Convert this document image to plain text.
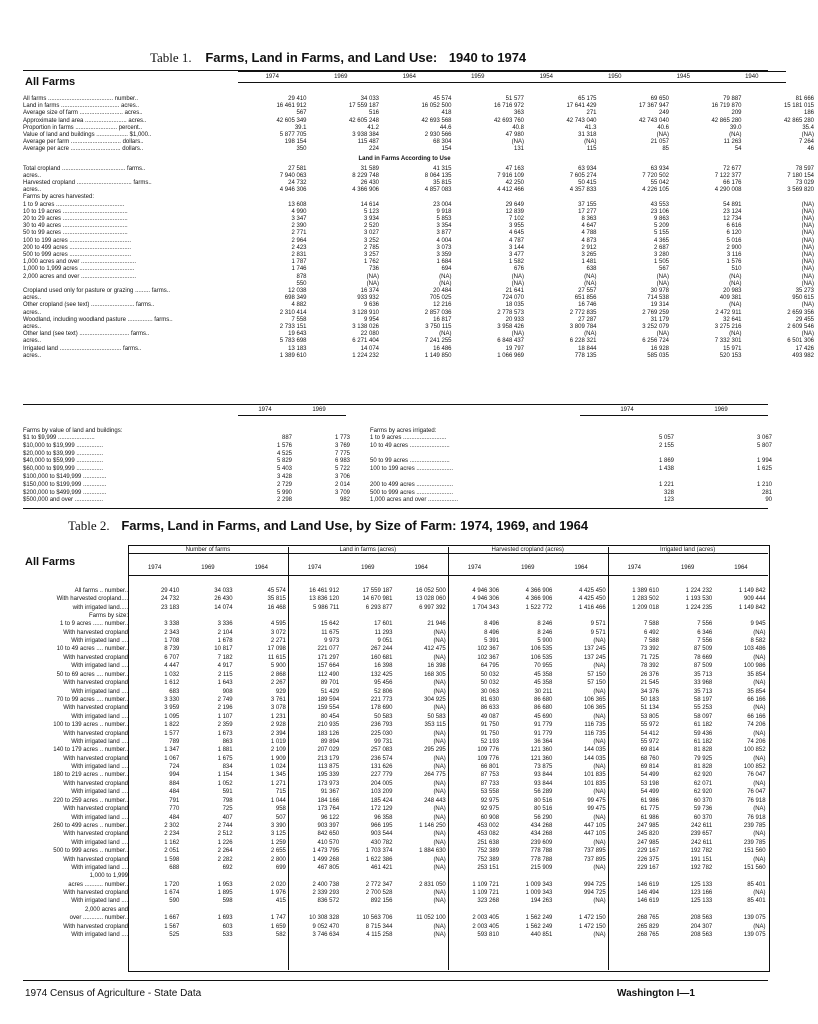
Table 1. Farms, Land in Farms, and Land Use: 1940 to 1974
All Farms	1974	1969	1964	1959	1954	1950	1945	1940
All farms ....................................... number..	29 410	34 033	45 574	51 577	65 175	69 650	79 887	81 666
Land in farms ................................... acres..	16 461 912	17 559 187	16 052 500	16 716 972	17 641 429	17 367 947	16 719 870	15 181 015
Average size of farm .......................... acres..	567	516	418	363	271	249	209	186
Approximate land area ......................... acres..	42 605 349	42 605 248	42 693 568	42 693 760	42 743 040	42 743 040	42 865 280	42 865 280
Proportion in farms ......................... percent..	39.1	41.2	44.6	40.8	41.3	40.6	39.0	35.4
Value of land and buildings ................... $1,000..	5 877 705	3 938 384	2 930 566	47 980	31 318	(NA)	(NA)	(NA)
Average per farm .............................. dollars..	198 154	115 487	68 304	(NA)	(NA)	21 057	11 263	7 264
Average per acre .............................. dollars..	350	224	154	131	115	85	54	46
Land in Farms According to Use
Total cropland ...................................... farms..	27 581	31 589	41 315	47 163	63 934	63 934	72 677	78 597
acres..	7 940 063	8 229 748	8 064 135	7 916 109	7 605 274	7 720 502	7 122 377	7 180 154
Harvested cropland ................................. farms..	24 732	26 430	35 815	42 250	50 415	55 042	66 176	73 029
acres..	4 946 306	4 366 906	4 857 083	4 412 466	4 357 833	4 226 105	4 290 008	3 569 820
Farms by acres harvested:
1 to 9 acres .........................................	13 608	14 614	23 004	29 649	37 155	43 553	54 891	(NA)
10 to 19 acres .......................................	4 990	5 123	9 918	12 839	17 277	23 106	23 124	(NA)
20 to 29 acres .......................................	3 347	3 934	5 853	7 102	8 363	9 863	12 734	(NA)
30 to 49 acres .......................................	2 390	2 520	3 354	3 955	4 647	5 209	6 616	(NA)
50 to 99 acres .......................................	2 771	3 027	3 877	4 645	4 788	5 155	6 120	(NA)
100 to 199 acres .....................................	2 964	3 252	4 004	4 787	4 873	4 365	5 016	(NA)
200 to 499 acres .....................................	2 423	2 785	3 073	3 144	2 912	2 687	2 900	(NA)
500 to 999 acres .....................................	2 831	3 257	3 359	3 477	3 265	3 280	3 116	(NA)
1,000 acres and over .................................	1 787	1 762	1 684	1 582	1 481	1 505	1 576	(NA)
1,000 to 1,999 acres .................................	1 746	736	694	676	638	567	510	(NA)
2,000 acres and over .................................	878	(NA)	(NA)	(NA)	(NA)	(NA)	(NA)	(NA)
550	(NA)	(NA)	(NA)	(NA)	(NA)	(NA)	(NA)
Cropland used only for pasture or grazing ......... farms..	12 038	16 374	20 484	21 641	27 557	30 978	20 983	35 273
acres..	698 349	933 932	705 025	724 070	651 856	714 538	409 381	950 615
Other cropland (see text) .......................... farms..	4 882	9 636	12 216	18 035	16 746	19 314	(NA)	(NA)
acres..	2 310 414	3 128 910	2 857 036	2 778 573	2 772 835	2 769 259	2 472 911	2 659 356
Woodland, including woodland pasture ............... farms..	7 558	9 954	16 817	20 933	27 287	31 179	32 641	29 455
acres..	2 733 151	3 138 026	3 750 115	3 958 426	3 809 784	3 252 079	3 275 216	2 609 546
Other land (see text) .............................. farms..	19 643	22 080	(NA)	(NA)	(NA)	(NA)	(NA)	(NA)
acres..	5 783 698	6 271 404	7 241 255	6 848 437	6 228 321	6 256 724	7 332 301	6 501 306
Irrigated land ..................................... farms..	13 183	14 074	16 486	19 797	18 844	16 928	15 971	17 426
acres..	1 389 610	1 224 232	1 149 850	1 066 969	778 135	585 035	520 153	493 982
1974	1969
Farms by value of land and buildings:
$1 to $9,999 ......................	887	1 773
$10,000 to $19,999 ................	1 576	3 769
$20,000 to $39,999 ................	4 525	7 775
$40,000 to $59,999 ................	5 829	6 983
$60,000 to $99,999 ................	5 403	5 722
$100,000 to $149,999 ..............	3 428	3 706
$150,000 to $199,999 ..............	2 729	2 014
$200,000 to $499,999 ..............	5 990	3 709
$500,000 and over .................	2 298	982
1974	1969
Farms by acres irrigated:
1 to 9 acres ..........................	5 057	3 067
10 to 49 acres ........................	2 155	5 807
50 to 99 acres ........................	1 869	1 994
100 to 199 acres ......................	1 438	1 625
200 to 499 acres ......................	1 221	1 210
500 to 999 acres ......................	328	281
1,000 acres and over ..................	123	90
Table 2. Farms, Land in Farms, and Land Use, by Size of Farm: 1974, 1969, and 1964
All Farms
Number of farms
1974	1969	1964
Land in farms (acres)
1974	1969	1964
Harvested cropland (acres)
1974	1969	1964
Irrigated land (acres)
1974	1969	1964
All farms .. number..	29 410	34 033	45 574	16 461 912	17 559 187	16 052 500	4 946 306	4 366 906	4 425 450	1 389 610	1 224 232	1 149 842
With harvested cropland....	24 732	26 430	35 815	13 836 120	14 670 981	13 028 060	4 946 306	4 366 906	4 425 450	1 283 502	1 193 530	909 444
with irrigated land.....	23 183	14 074	16 468	5 986 711	6 293 877	6 997 392	1 704 343	1 522 772	1 416 466	1 209 018	1 224 235	1 149 842
Farms by size:
1 to 9 acres ...... number..	3 338	3 336	4 595	15 642	17 601	21 946	8 496	8 246	9 571	7 588	7 556	9 945
With harvested cropland	2 343	2 104	3 072	11 675	11 293	(NA)	8 496	8 246	9 571	6 492	6 346	(NA)
With irrigated land ....	1 708	1 678	2 271	9 973	9 051	(NA)	5 391	5 900	(NA)	7 588	7 556	8 582
10 to 49 acres .... number..	8 739	10 817	17 098	221 077	267 244	412 475	102 367	106 535	137 245	73 392	87 509	103 486
With harvested cropland	6 707	7 182	11 615	171 297	160 681	(NA)	102 367	106 535	137 245	71 725	78 669	(NA)
With irrigated land ....	4 447	4 917	5 900	157 664	16 398	16 398	64 795	70 955	(NA)	78 392	87 509	100 986
50 to 69 acres .... number..	1 032	2 115	2 868	112 490	132 425	168 305	50 032	45 358	57 150	26 376	35 713	35 854
With harvested cropland	1 612	1 643	2 267	89 701	95 456	(NA)	50 032	45 358	57 150	21 545	33 968	(NA)
With irrigated land ....	683	908	929	51 429	52 806	(NA)	30 063	30 211	(NA)	34 376	35 713	35 854
70 to 99 acres .... number..	3 330	2 749	3 761	189 594	221 773	304 925	81 630	86 680	106 365	50 183	58 197	66 166
With harvested cropland	3 959	2 196	3 078	159 554	178 690	(NA)	86 633	86 680	106 365	51 134	55 253	(NA)
With irrigated land ....	1 095	1 107	1 231	80 454	50 583	50 583	49 087	45 690	(NA)	53 805	58 097	66 166
100 to 139 acres .. number..	1 822	2 359	2 928	210 935	236 793	353 115	91 750	91 779	116 735	55 972	61 182	74 206
With harvested cropland	1 577	1 673	2 394	183 126	225 030	(NA)	91 750	91 779	116 735	54 412	59 436	(NA)
With irrigated land ....	789	863	1 019	89 894	99 731	(NA)	52 193	36 364	(NA)	55 972	61 182	74 206
140 to 179 acres .. number..	1 347	1 881	2 109	207 029	257 083	295 295	109 776	121 360	144 035	69 814	81 828	100 852
With harvested cropland	1 067	1 675	1 909	213 179	236 574	(NA)	109 776	121 360	144 035	68 760	79 925	(NA)
With irrigated land ....	724	834	1 024	113 875	131 626	(NA)	66 801	73 875	(NA)	69 814	81 828	100 852
180 to 219 acres .. number..	994	1 154	1 345	195 339	227 779	264 775	87 753	93 844	101 835	54 499	62 920	76 047
With harvested cropland	884	1 052	1 271	173 973	204 005	(NA)	87 733	93 844	101 835	53 198	62 071	(NA)
With irrigated land ....	484	591	715	91 367	103 209	(NA)	53 558	56 289	(NA)	54 499	62 920	76 047
220 to 259 acres .. number..	791	798	1 044	184 166	185 424	248 443	92 975	80 516	99 475	61 986	60 370	76 918
With harvested cropland	770	725	958	173 764	172 129	(NA)	92 975	80 516	99 475	61 775	59 736	(NA)
With irrigated land ....	484	407	507	96 122	96 358	(NA)	60 908	56 290	(NA)	61 986	60 370	76 918
260 to 499 acres .. number..	2 302	2 744	3 390	903 397	966 195	1 146 250	453 002	434 268	447 105	247 985	242 611	239 785
With harvested cropland	2 234	2 512	3 125	842 650	903 544	(NA)	453 082	434 268	447 105	245 820	239 657	(NA)
With irrigated land ....	1 162	1 226	1 259	410 570	430 782	(NA)	251 638	239 609	(NA)	247 985	242 611	239 785
500 to 999 acres .. number..	2 051	2 264	2 655	1 473 795	1 703 374	1 884 630	752 389	778 788	737 895	229 167	192 782	151 560
With harvested cropland	1 598	2 282	2 800	1 499 268	1 622 386	(NA)	752 389	778 788	737 895	226 375	191 151	(NA)
With irrigated land ....	688	692	699	467 805	461 421	(NA)	253 151	215 909	(NA)	229 167	192 782	151 560
1,000 to 1,999
acres ........... number..	1 720	1 953	2 020	2 400 738	2 772 347	2 831 050	1 109 721	1 009 343	994 725	146 619	125 133	85 401
With harvested cropland	1 674	1 895	1 976	2 339 293	2 700 528	(NA)	1 109 721	1 009 343	994 725	146 494	123 166	(NA)
With irrigated land ....	590	598	415	836 572	892 156	(NA)	323 268	194 263	(NA)	146 619	125 133	85 401
2,000 acres and
over ............ number..	1 667	1 693	1 747	10 308 328	10 563 706	11 052 100	2 003 405	1 562 249	1 472 150	268 765	208 563	139 075
With harvested cropland	1 567	603	1 659	9 052 470	8 715 344	(NA)	2 003 405	1 562 249	1 472 150	265 829	204 307	(NA)
With irrigated land ....	525	533	582	3 746 634	4 115 258	(NA)	593 810	440 851	(NA)	268 765	208 563	139 075
1974 Census of Agriculture - State Data	Washington I—1
